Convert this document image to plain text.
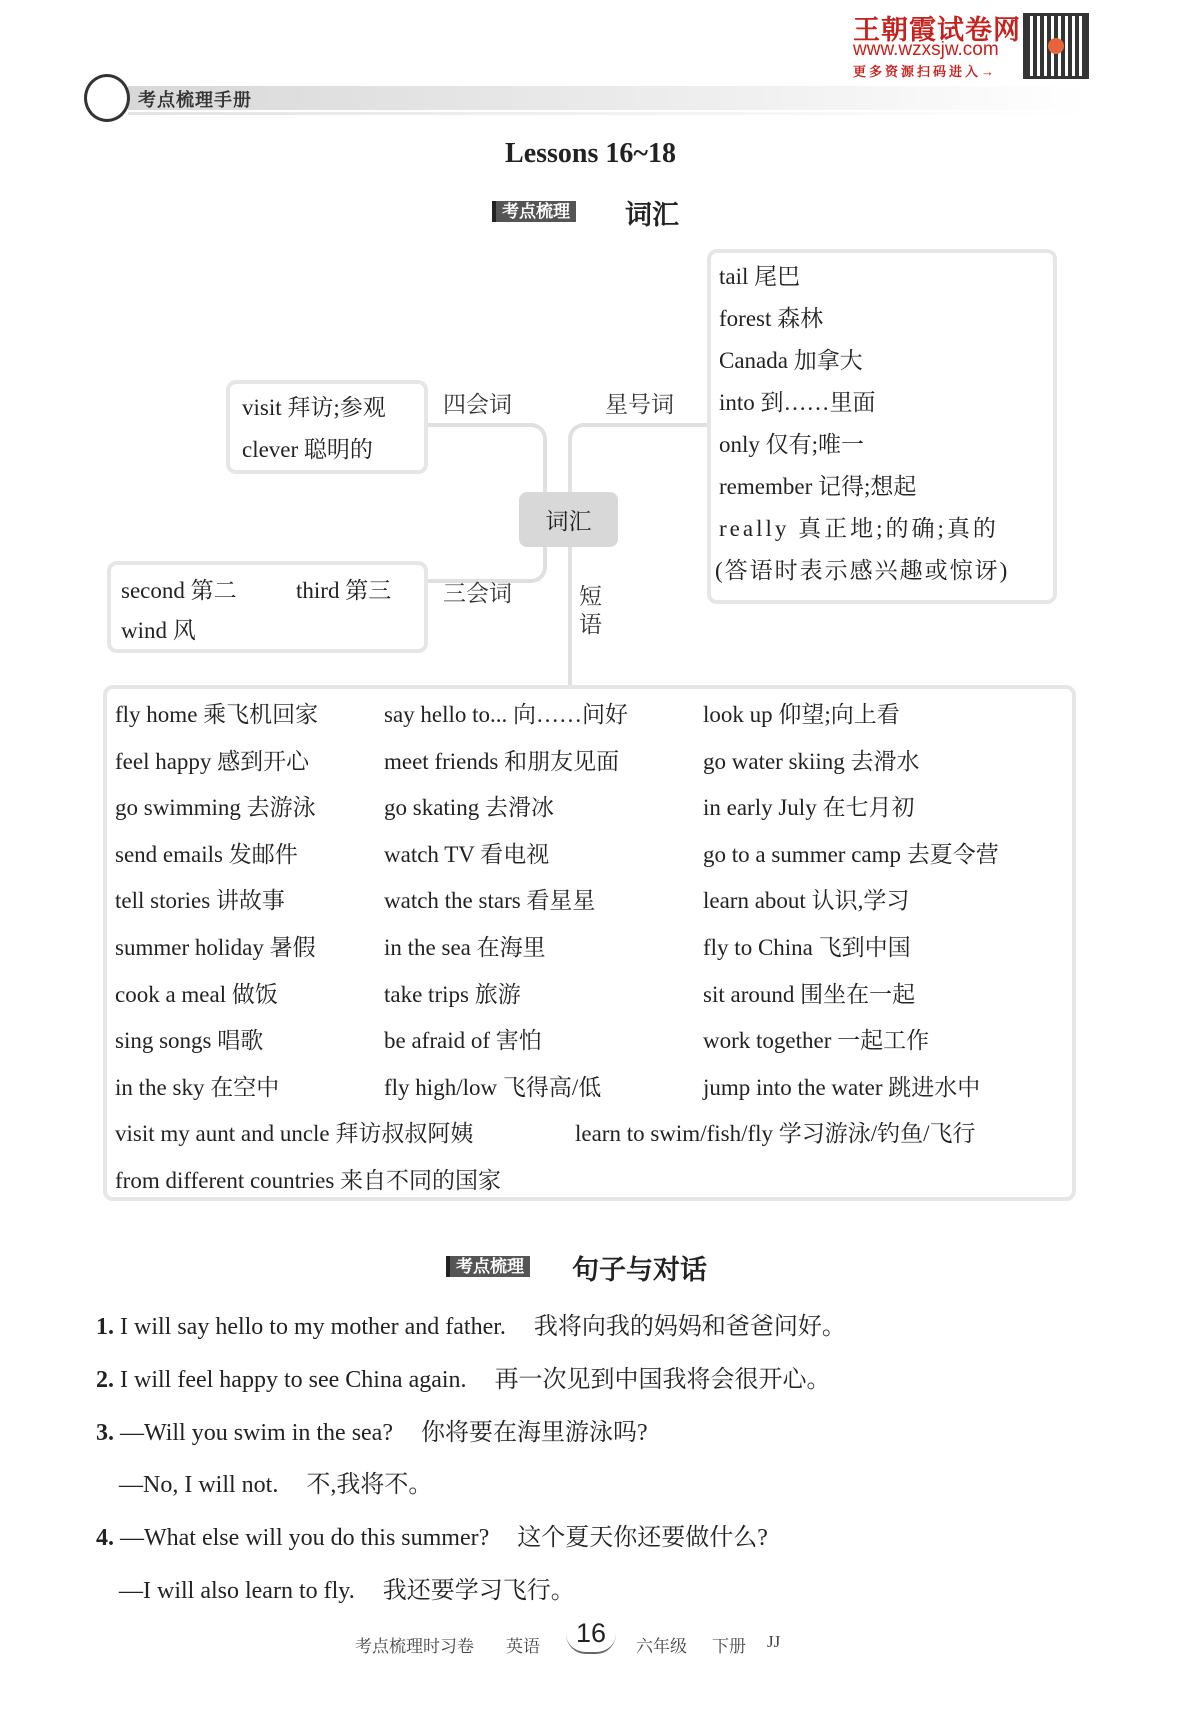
考点梳理手册
王朝霞试卷网
www.wzxsjw.com
更多资源扫码进入→
Lessons 16~18
考点梳理 词汇
visit 拜访;参观
clever 聪明的
四会词	星号词
tail 尾巴
forest 森林
Canada 加拿大
into 到……里面
only 仅有;唯一
remember 记得;想起
really 真正地;的确;真的
(答语时表示感兴趣或惊讶)
词汇
second 第二	third 第三
wind 风
三会词	短语
fly home 乘飞机回家	say hello to... 向……问好	look up 仰望;向上看
feel happy 感到开心	meet friends 和朋友见面	go water skiing 去滑水
go swimming 去游泳	go skating 去滑冰	in early July 在七月初
send emails 发邮件	watch TV 看电视	go to a summer camp 去夏令营
tell stories 讲故事	watch the stars 看星星	learn about 认识,学习
summer holiday 暑假	in the sea 在海里	fly to China 飞到中国
cook a meal 做饭	take trips 旅游	sit around 围坐在一起
sing songs 唱歌	be afraid of 害怕	work together 一起工作
in the sky 在空中	fly high/low 飞得高/低	jump into the water 跳进水中
visit my aunt and uncle 拜访叔叔阿姨	learn to swim/fish/fly 学习游泳/钓鱼/飞行
from different countries 来自不同的国家
考点梳理 句子与对话
1. I will say hello to my mother and father. 我将向我的妈妈和爸爸问好。
2. I will feel happy to see China again. 再一次见到中国我将会很开心。
3. —Will you swim in the sea? 你将要在海里游泳吗?
—No, I will not. 不,我将不。
4. —What else will you do this summer? 这个夏天你还要做什么?
—I will also learn to fly. 我还要学习飞行。
考点梳理时习卷 英语	16	六年级 下册 JJ
